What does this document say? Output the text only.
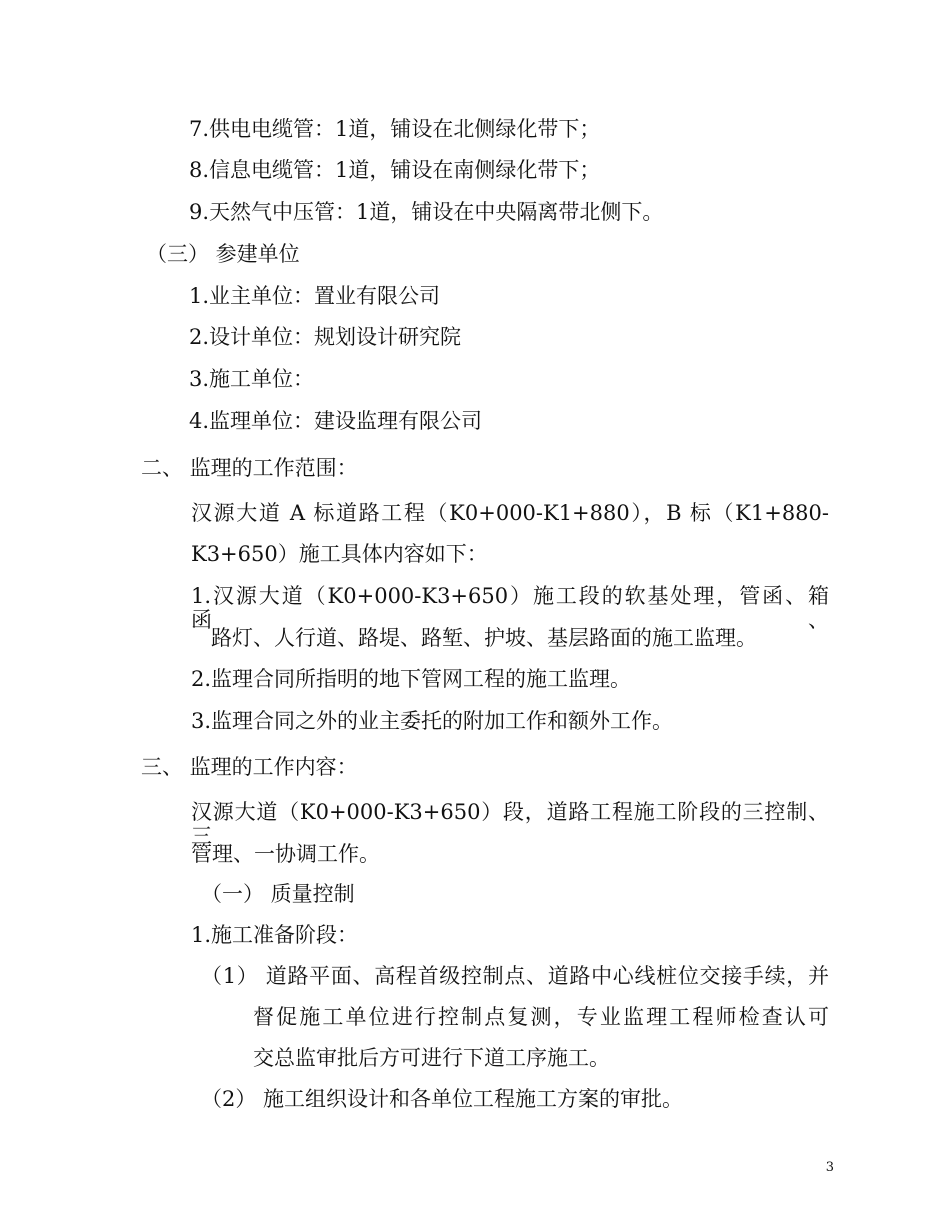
7.供电电缆管：1道，铺设在北侧绿化带下；
8.信息电缆管：1道，铺设在南侧绿化带下；
9.天然气中压管：1道，铺设在中央隔离带北侧下。
（三） 参建单位
1.业主单位：置业有限公司
2.设计单位：规划设计研究院
3.施工单位：
4.监理单位：建设监理有限公司
二、 监理的工作范围：
汉源大道 A 标道路工程（K0+000-K1+880），B 标（K1+880-
K3+650）施工具体内容如下：
1.汉源大道（K0+000-K3+650）施工段的软基处理，管函、箱函、
路灯、人行道、路堤、路堑、护坡、基层路面的施工监理。
2.监理合同所指明的地下管网工程的施工监理。
3.监理合同之外的业主委托的附加工作和额外工作。
三、 监理的工作内容：
汉源大道（K0+000-K3+650）段，道路工程施工阶段的三控制、三
管理、一协调工作。
（一） 质量控制
1.施工准备阶段：
（1） 道路平面、高程首级控制点、道路中心线桩位交接手续，并
督促施工单位进行控制点复测，专业监理工程师检查认可
交总监审批后方可进行下道工序施工。
（2） 施工组织设计和各单位工程施工方案的审批。
3
